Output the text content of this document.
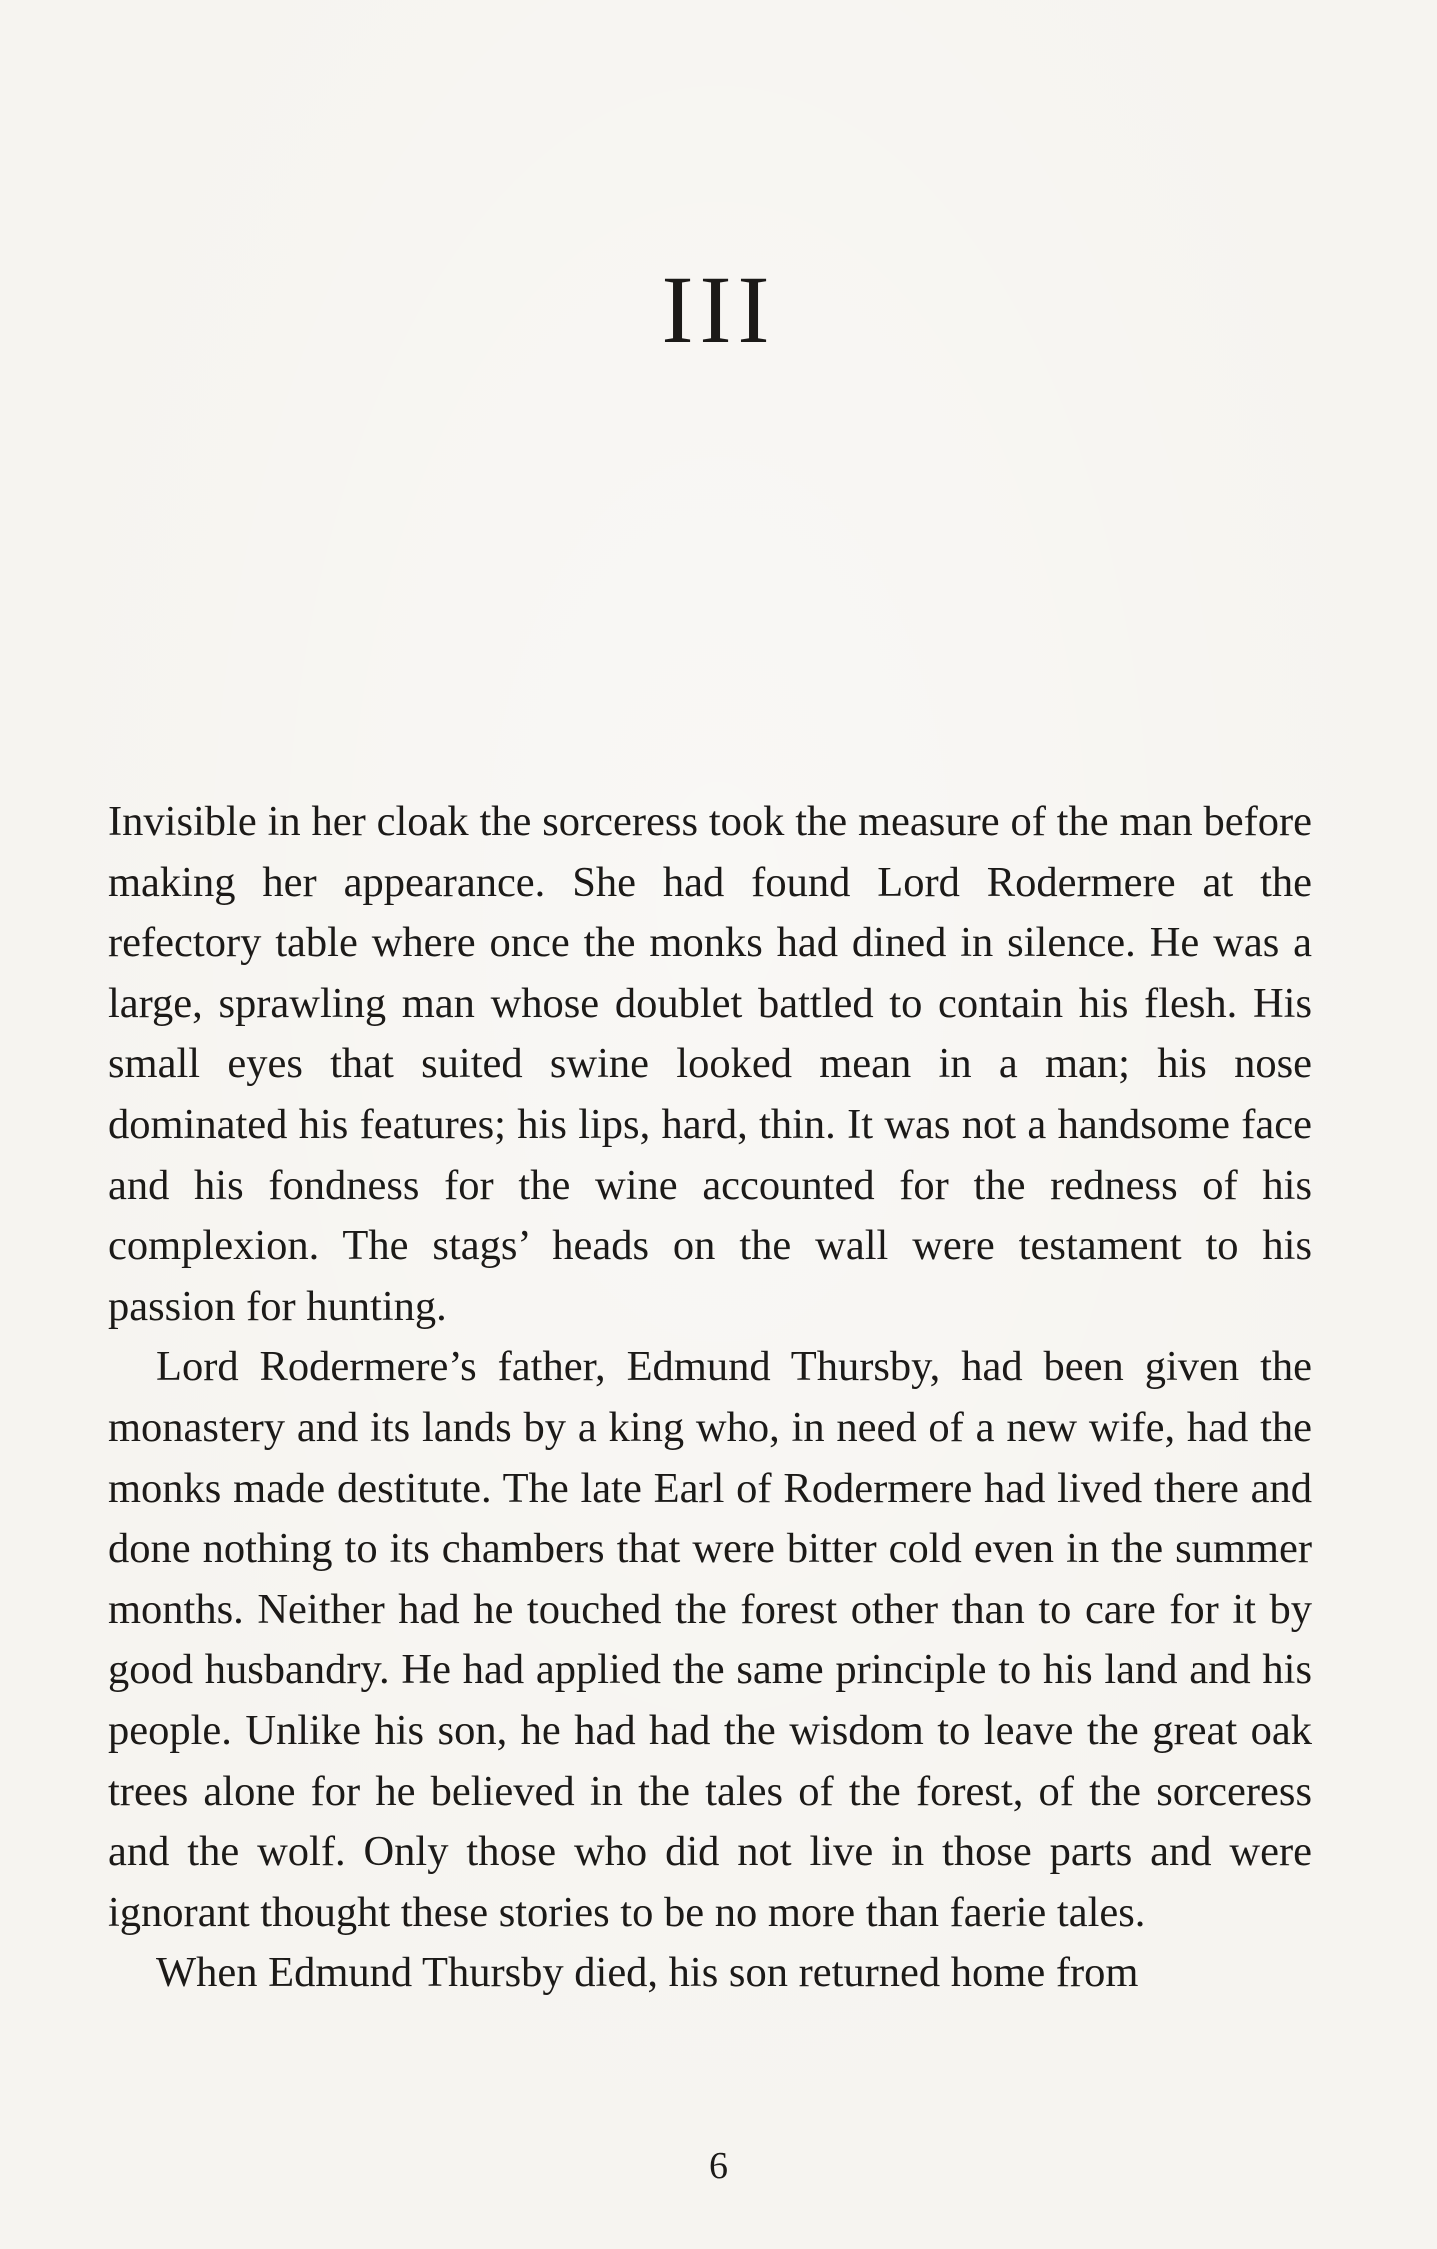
III

Invisible in her cloak the sorceress took the measure of the man before making her appearance. She had found Lord Rodermere at the refectory table where once the monks had dined in silence. He was a large, sprawling man whose doublet battled to contain his flesh. His small eyes that suited swine looked mean in a man; his nose dominated his features; his lips, hard, thin. It was not a handsome face and his fondness for the wine accounted for the redness of his complexion. The stags’ heads on the wall were testament to his passion for hunting.

Lord Rodermere’s father, Edmund Thursby, had been given the monastery and its lands by a king who, in need of a new wife, had the monks made destitute. The late Earl of Rodermere had lived there and done nothing to its chambers that were bitter cold even in the summer months. Neither had he touched the forest other than to care for it by good husbandry. He had applied the same principle to his land and his people. Unlike his son, he had had the wisdom to leave the great oak trees alone for he believed in the tales of the forest, of the sorceress and the wolf. Only those who did not live in those parts and were ignorant thought these stories to be no more than faerie tales.

When Edmund Thursby died, his son returned home from

6
